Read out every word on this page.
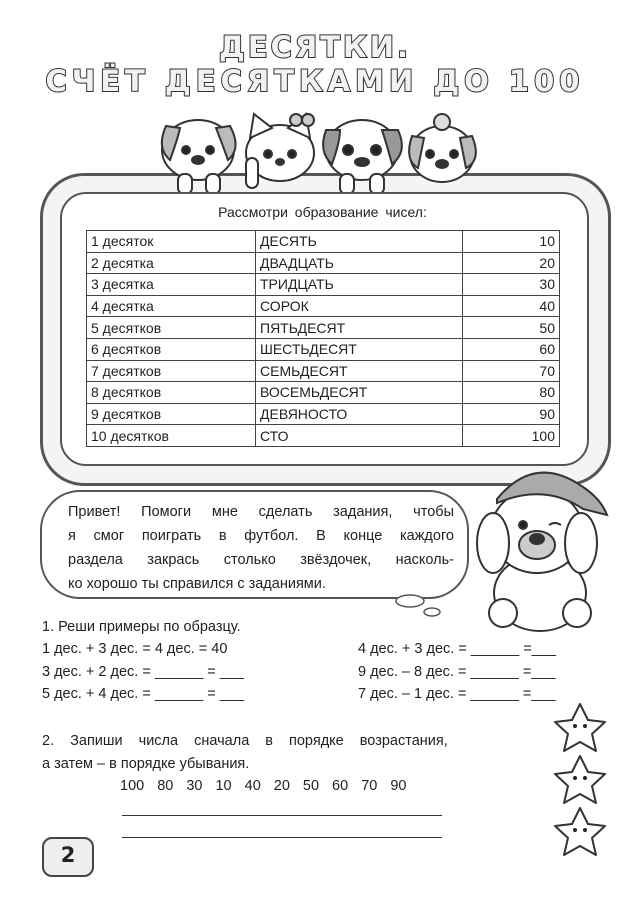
ДЕСЯТКИ.
СЧЁТ ДЕСЯТКАМИ ДО 100
Рассмотри образование чисел:
1 десяток	ДЕСЯТЬ	10
2 десятка	ДВАДЦАТЬ	20
3 десятка	ТРИДЦАТЬ	30
4 десятка	СОРОК	40
5 десятков	ПЯТЬДЕСЯТ	50
6 десятков	ШЕСТЬДЕСЯТ	60
7 десятков	СЕМЬДЕСЯТ	70
8 десятков	ВОСЕМЬДЕСЯТ	80
9 десятков	ДЕВЯНОСТО	90
10 десятков	СТО	100
Привет! Помоги мне сделать задания, чтобы
я смог поиграть в футбол. В конце каждого
раздела закрась столько звёздочек, насколь-
ко хорошо ты справился с заданиями.
1. Реши примеры по образцу.
1 дес. + 3 дес. = 4 дес. = 40
3 дес. + 2 дес. = ______ = ___
5 дес. + 4 дес. = ______ = ___
4 дес. + 3 дес. = ______ =___
9 дес. – 8 дес. = ______ =___
7 дес. – 1 дес. = ______ =___
2. Запиши числа сначала в порядке возрастания,
а затем – в порядке убывания.
100 80 30 10 40 20 50 60 70 90
2
